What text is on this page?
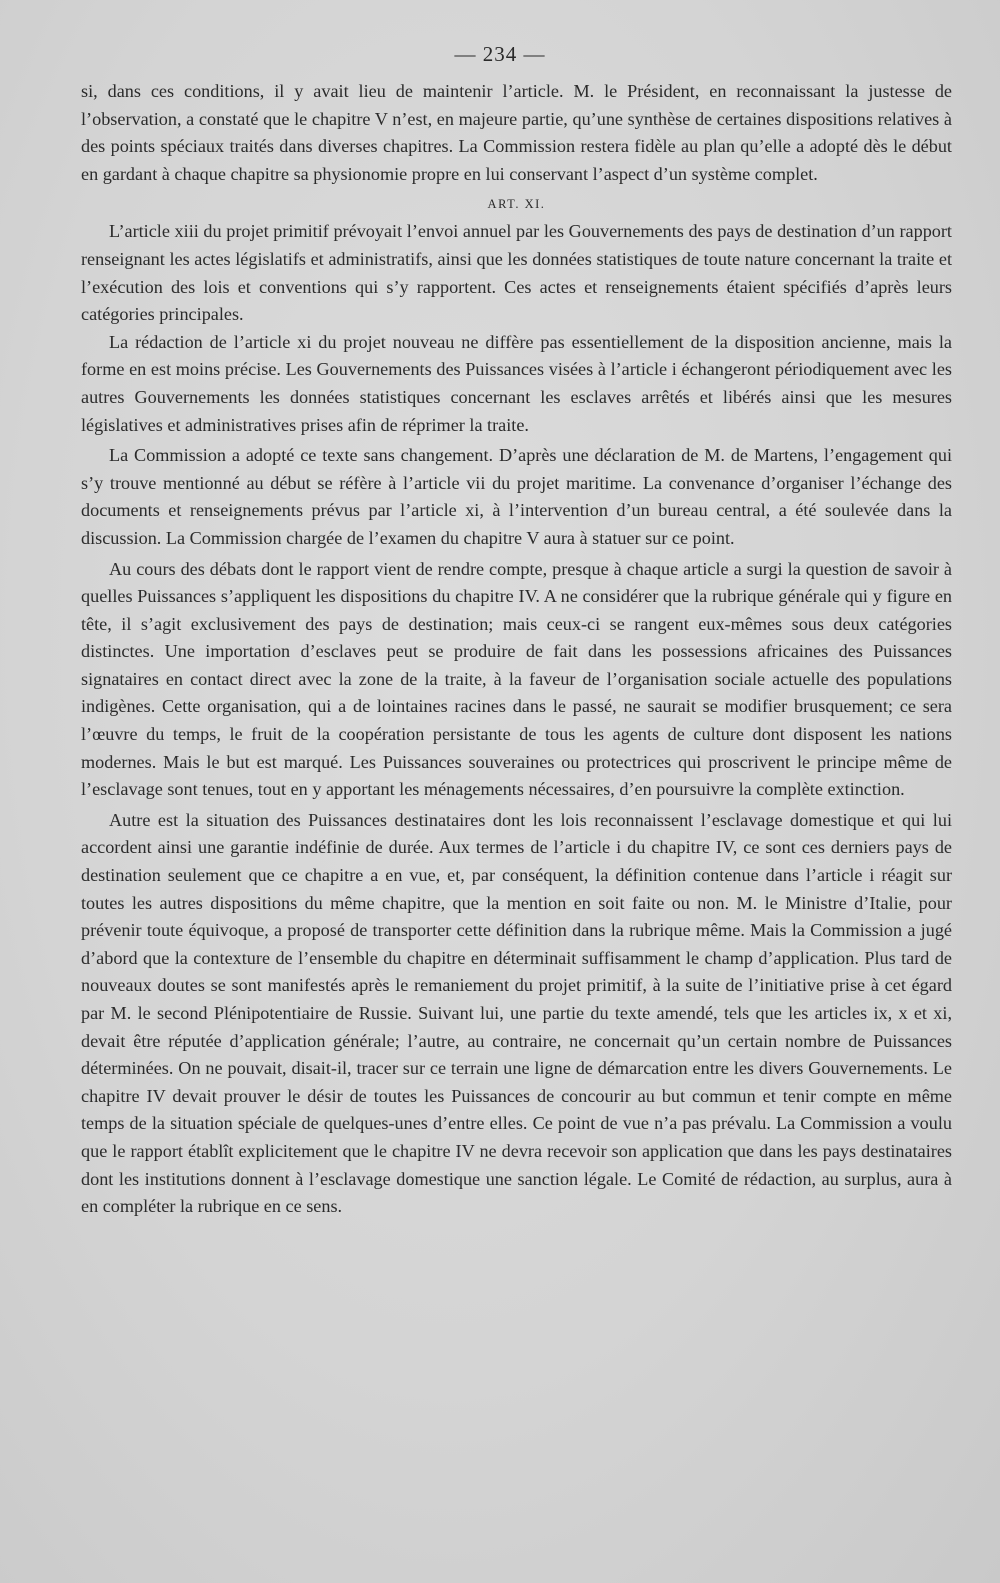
— 234 —

si, dans ces conditions, il y avait lieu de maintenir l’article. M. le Président, en reconnaissant la justesse de l’observation, a constaté que le chapitre V n’est, en majeure partie, qu’une synthèse de certaines dispositions relatives à des points spéciaux traités dans diverses chapitres. La Commission restera fidèle au plan qu’elle a adopté dès le début en gardant à chaque chapitre sa physionomie propre en lui conservant l’aspect d’un système complet.

ART. XI.

L’article xiii du projet primitif prévoyait l’envoi annuel par les Gouvernements des pays de destination d’un rapport renseignant les actes législatifs et administratifs, ainsi que les données statistiques de toute nature concernant la traite et l’exécution des lois et conventions qui s’y rapportent. Ces actes et renseignements étaient spécifiés d’après leurs catégories principales.

La rédaction de l’article xi du projet nouveau ne diffère pas essentiellement de la disposition ancienne, mais la forme en est moins précise. Les Gouvernements des Puissances visées à l’article i échangeront périodiquement avec les autres Gouvernements les données statistiques concernant les esclaves arrêtés et libérés ainsi que les mesures législatives et administratives prises afin de réprimer la traite.

La Commission a adopté ce texte sans changement. D’après une déclaration de M. de Martens, l’engagement qui s’y trouve mentionné au début se réfère à l’article vii du projet maritime. La convenance d’organiser l’échange des documents et renseignements prévus par l’article xi, à l’intervention d’un bureau central, a été soulevée dans la discussion. La Commission chargée de l’examen du chapitre V aura à statuer sur ce point.

Au cours des débats dont le rapport vient de rendre compte, presque à chaque article a surgi la question de savoir à quelles Puissances s’appliquent les dispositions du chapitre IV. A ne considérer que la rubrique générale qui y figure en tête, il s’agit exclusivement des pays de destination; mais ceux-ci se rangent eux-mêmes sous deux catégories distinctes. Une importation d’esclaves peut se produire de fait dans les possessions africaines des Puissances signataires en contact direct avec la zone de la traite, à la faveur de l’organisation sociale actuelle des populations indigènes. Cette organisation, qui a de lointaines racines dans le passé, ne saurait se modifier brusquement; ce sera l’œuvre du temps, le fruit de la coopération persistante de tous les agents de culture dont disposent les nations modernes. Mais le but est marqué. Les Puissances souveraines ou protectrices qui proscrivent le principe même de l’esclavage sont tenues, tout en y apportant les ménagements nécessaires, d’en poursuivre la complète extinction.

Autre est la situation des Puissances destinataires dont les lois reconnaissent l’esclavage domestique et qui lui accordent ainsi une garantie indéfinie de durée. Aux termes de l’article i du chapitre IV, ce sont ces derniers pays de destination seulement que ce chapitre a en vue, et, par conséquent, la définition contenue dans l’article i réagit sur toutes les autres dispositions du même chapitre, que la mention en soit faite ou non. M. le Ministre d’Italie, pour prévenir toute équivoque, a proposé de transporter cette définition dans la rubrique même. Mais la Commission a jugé d’abord que la contexture de l’ensemble du chapitre en déterminait suffisamment le champ d’application. Plus tard de nouveaux doutes se sont manifestés après le remaniement du projet primitif, à la suite de l’initiative prise à cet égard par M. le second Plénipotentiaire de Russie. Suivant lui, une partie du texte amendé, tels que les articles ix, x et xi, devait être réputée d’application générale; l’autre, au contraire, ne concernait qu’un certain nombre de Puissances déterminées. On ne pouvait, disait-il, tracer sur ce terrain une ligne de démarcation entre les divers Gouvernements. Le chapitre IV devait prouver le désir de toutes les Puissances de concourir au but commun et tenir compte en même temps de la situation spéciale de quelques-unes d’entre elles. Ce point de vue n’a pas prévalu. La Commission a voulu que le rapport établît explicitement que le chapitre IV ne devra recevoir son application que dans les pays destinataires dont les institutions donnent à l’esclavage domestique une sanction légale. Le Comité de rédaction, au surplus, aura à en compléter la rubrique en ce sens.
